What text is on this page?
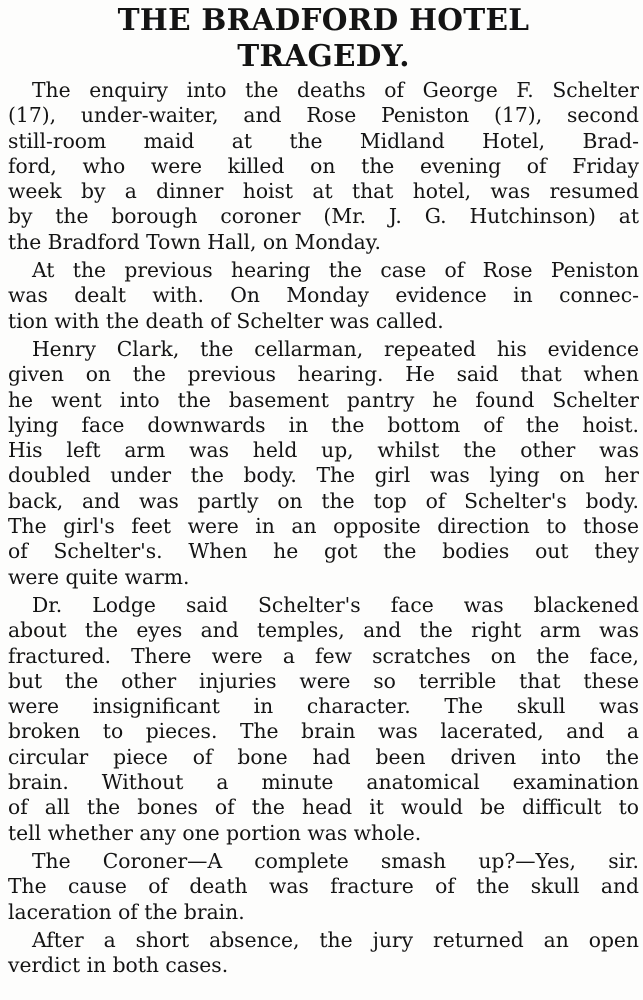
THE BRADFORD HOTEL
TRAGEDY.
The enquiry into the deaths of George F. Schelter
(17), under-waiter, and Rose Peniston (17), second
still-room maid at the Midland Hotel, Brad-
ford, who were killed on the evening of Friday
week by a dinner hoist at that hotel, was resumed
by the borough coroner (Mr. J. G. Hutchinson) at
the Bradford Town Hall, on Monday.
At the previous hearing the case of Rose Peniston
was dealt with. On Monday evidence in connec-
tion with the death of Schelter was called.
Henry Clark, the cellarman, repeated his evidence
given on the previous hearing. He said that when
he went into the basement pantry he found Schelter
lying face downwards in the bottom of the hoist.
His left arm was held up, whilst the other was
doubled under the body. The girl was lying on her
back, and was partly on the top of Schelter's body.
The girl's feet were in an opposite direction to those
of Schelter's. When he got the bodies out they
were quite warm.
Dr. Lodge said Schelter's face was blackened
about the eyes and temples, and the right arm was
fractured. There were a few scratches on the face,
but the other injuries were so terrible that these
were insignificant in character. The skull was
broken to pieces. The brain was lacerated, and a
circular piece of bone had been driven into the
brain. Without a minute anatomical examination
of all the bones of the head it would be difficult to
tell whether any one portion was whole.
The Coroner—A complete smash up?—Yes, sir.
The cause of death was fracture of the skull and
laceration of the brain.
After a short absence, the jury returned an open
verdict in both cases.
